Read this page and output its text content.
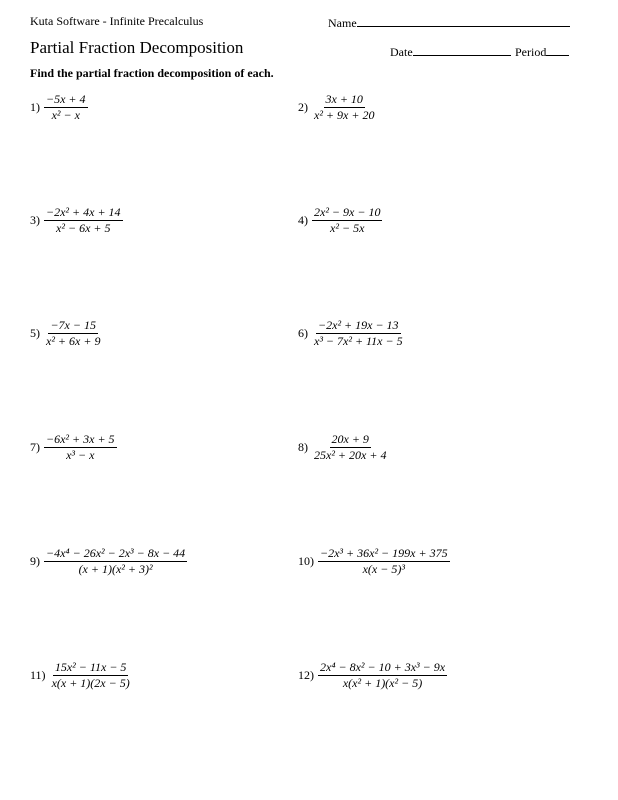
Kuta Software - Infinite Precalculus	Name
Partial Fraction Decomposition	Date	Period
Find the partial fraction decomposition of each.
$1) \frac{-5x + 4}{\text{x² − x}}$	$2) \frac{3x + 10}{\text{x² + 9x + 20}}$
$3) \frac{\text{−2x² + 4x + 14}}{\text{x² − 6x + 5}}$	$4) \frac{\text{2x² − 9x − 10}}{\text{x² − 5x}}$
$5) \frac{-7x - 15}{\text{x² + 6x + 9}}$	$6) \frac{\text{−2x² + 19x − 13}}{\text{x³ − 7x² + 11x − 5}}$
$7) \frac{\text{−6x² + 3x + 5}}{\text{x³ − x}}$	$8) \frac{20x + 9}{\text{25x² + 20x + 4}}$
$9) \frac{\text{−4x⁴ − 26x² − 2x³ − 8x − 44}}{\text{(x + 1)(x² + 3)²}}$	$10) \frac{\text{−2x³ + 36x² − 199x + 375}}{\text{x(x − 5)³}}$
$11) \frac{\text{15x² − 11x − 5}}{x(x + 1)(2x - 5)}$	$12) \frac{\text{2x⁴ − 8x² − 10 + 3x³ − 9x}}{\text{x(x² + 1)(x² − 5)}}$
